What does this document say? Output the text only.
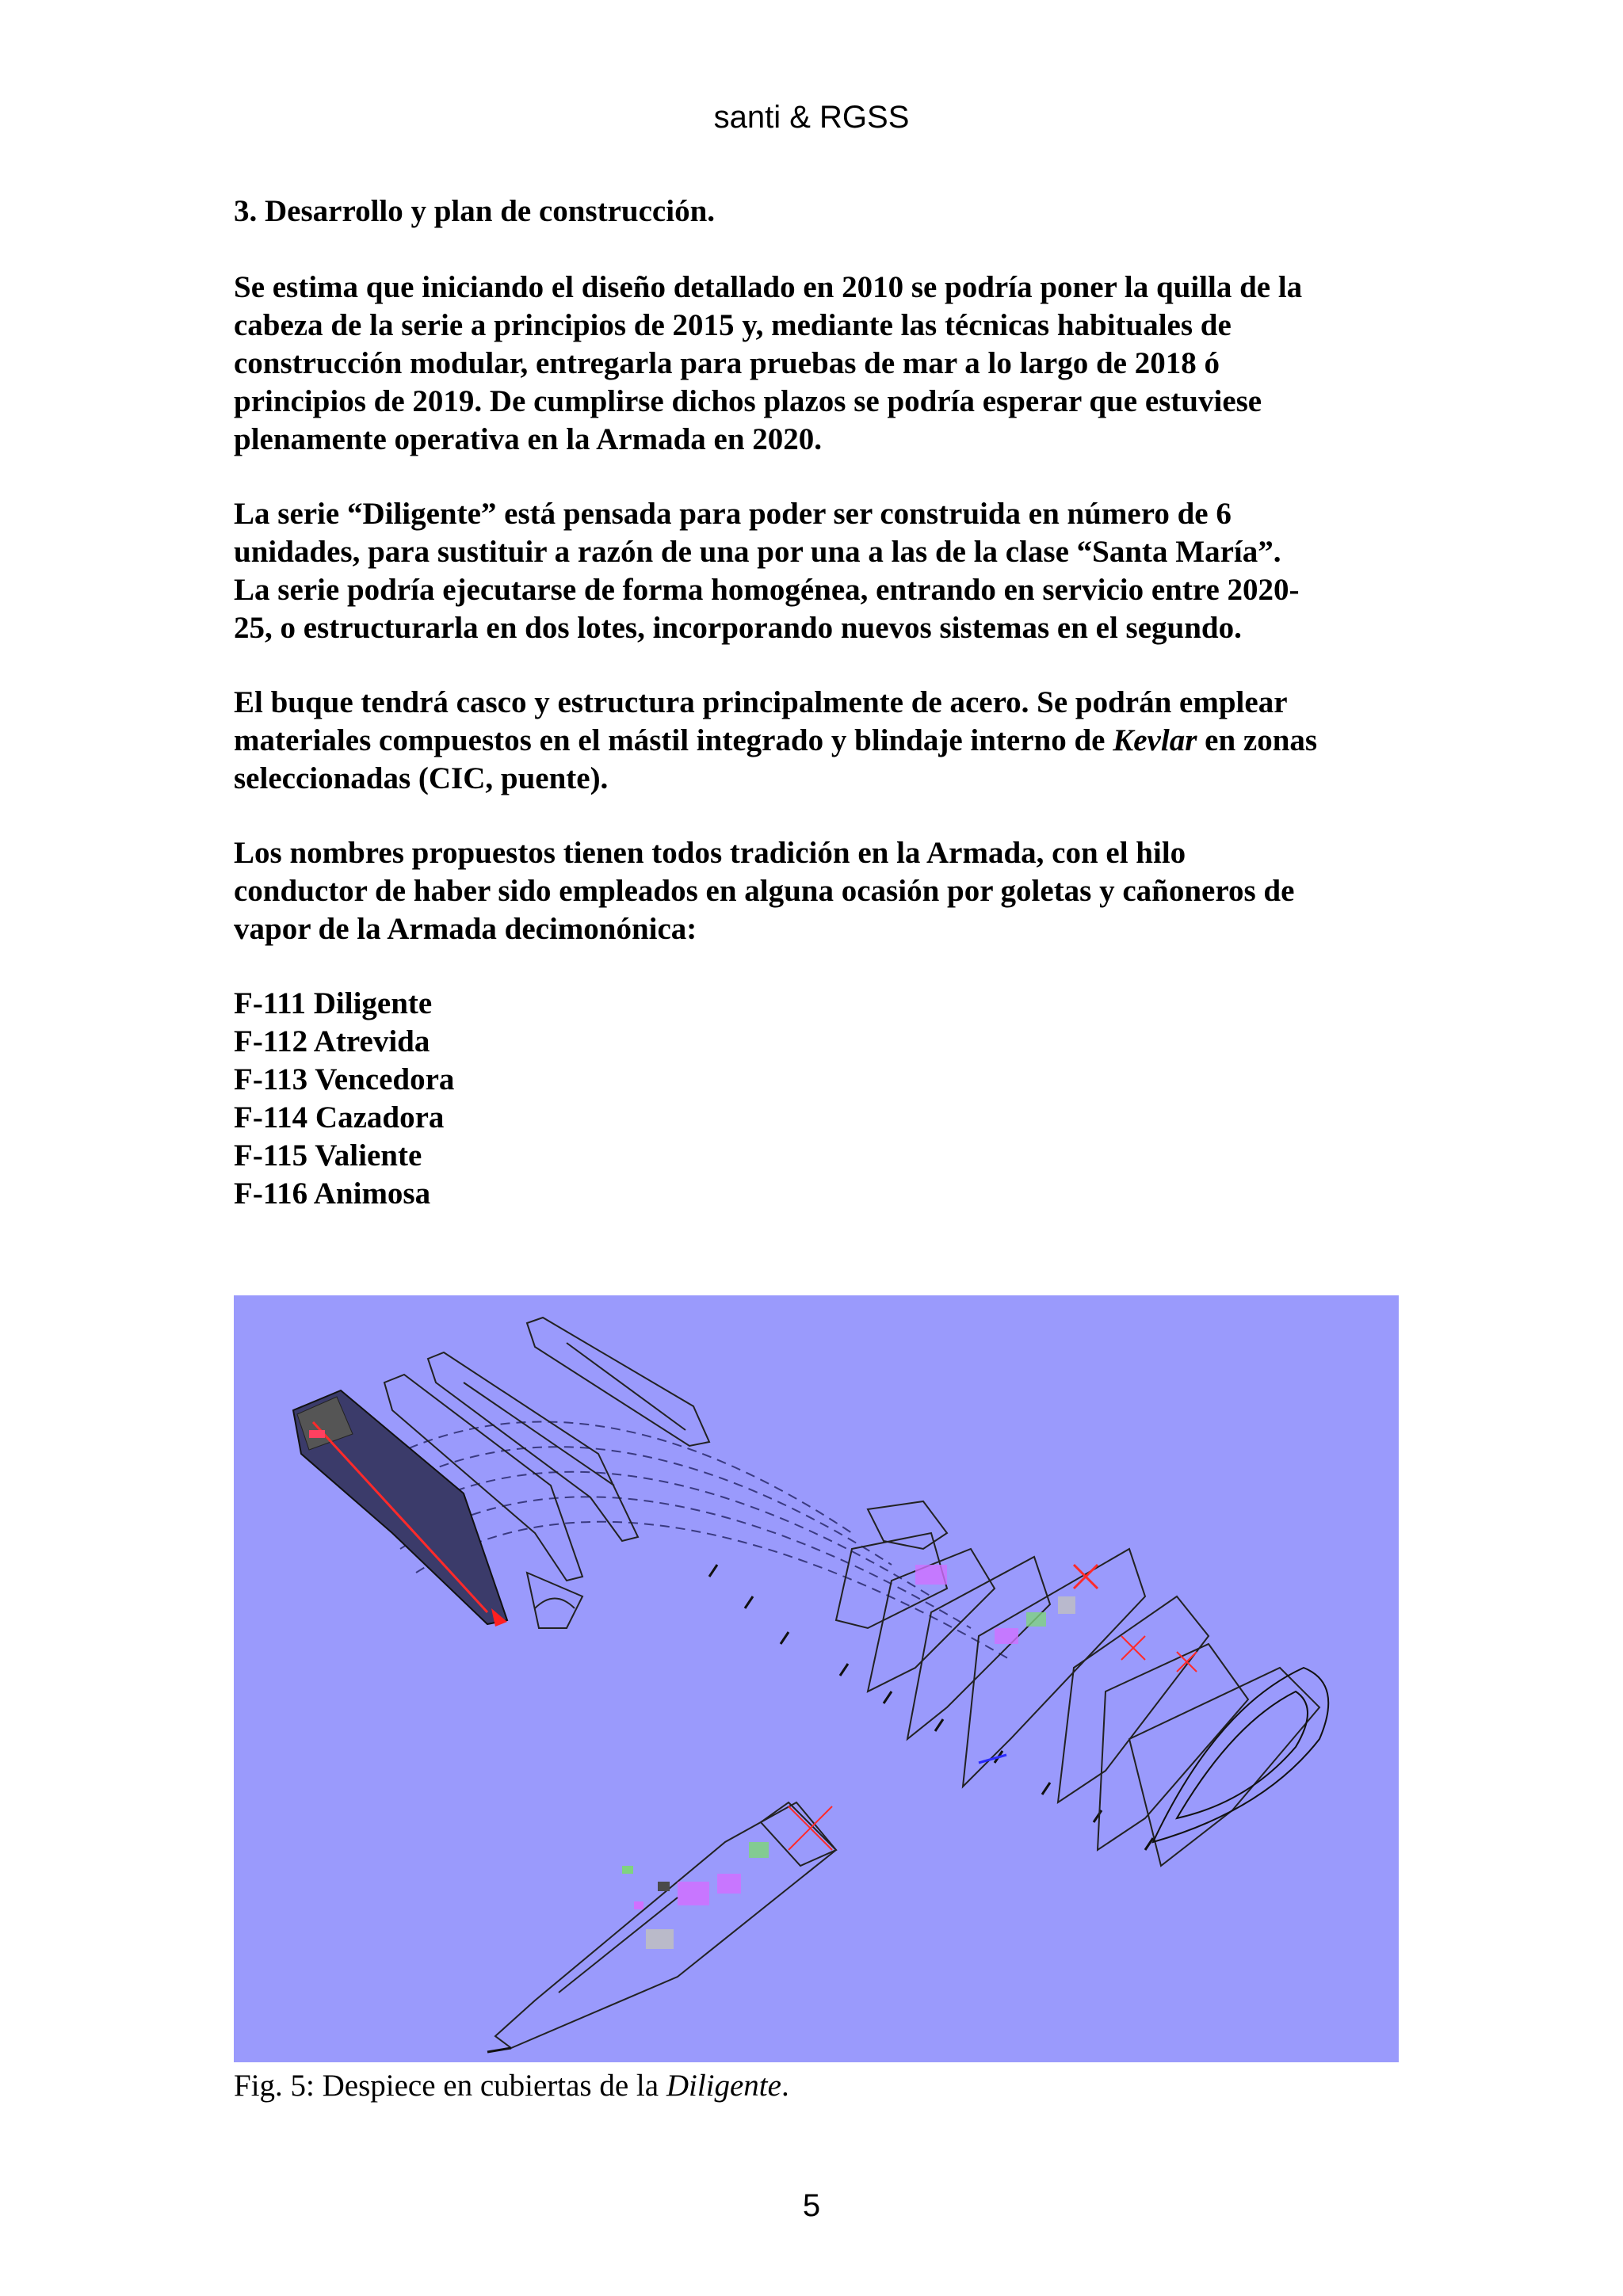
santi & RGSS

3. Desarrollo y plan de construcción.

Se estima que iniciando el diseño detallado en 2010 se podría poner la quilla de la
cabeza de la serie a principios de 2015 y, mediante las técnicas habituales de
construcción modular, entregarla para pruebas de mar a lo largo de 2018 ó
principios de 2019. De cumplirse dichos plazos se podría esperar que estuviese
plenamente operativa en la Armada en 2020.

La serie “Diligente” está pensada para poder ser construida en número de 6
unidades, para sustituir a razón de una por una a las de la clase “Santa María”.
La serie podría ejecutarse de forma homogénea, entrando en servicio entre 2020-
25, o estructurarla en dos lotes, incorporando nuevos sistemas en el segundo.

El buque tendrá casco y estructura principalmente de acero. Se podrán emplear
materiales compuestos en el mástil integrado y blindaje interno de Kevlar en zonas
seleccionadas (CIC, puente).

Los nombres propuestos tienen todos tradición en la Armada, con el hilo
conductor de haber sido empleados en alguna ocasión por goletas y cañoneros de
vapor de la Armada decimonónica:

F-111 Diligente
F-112 Atrevida
F-113 Vencedora
F-114 Cazadora
F-115 Valiente
F-116 Animosa
Fig. 5: Despiece en cubiertas de la Diligente.
5
